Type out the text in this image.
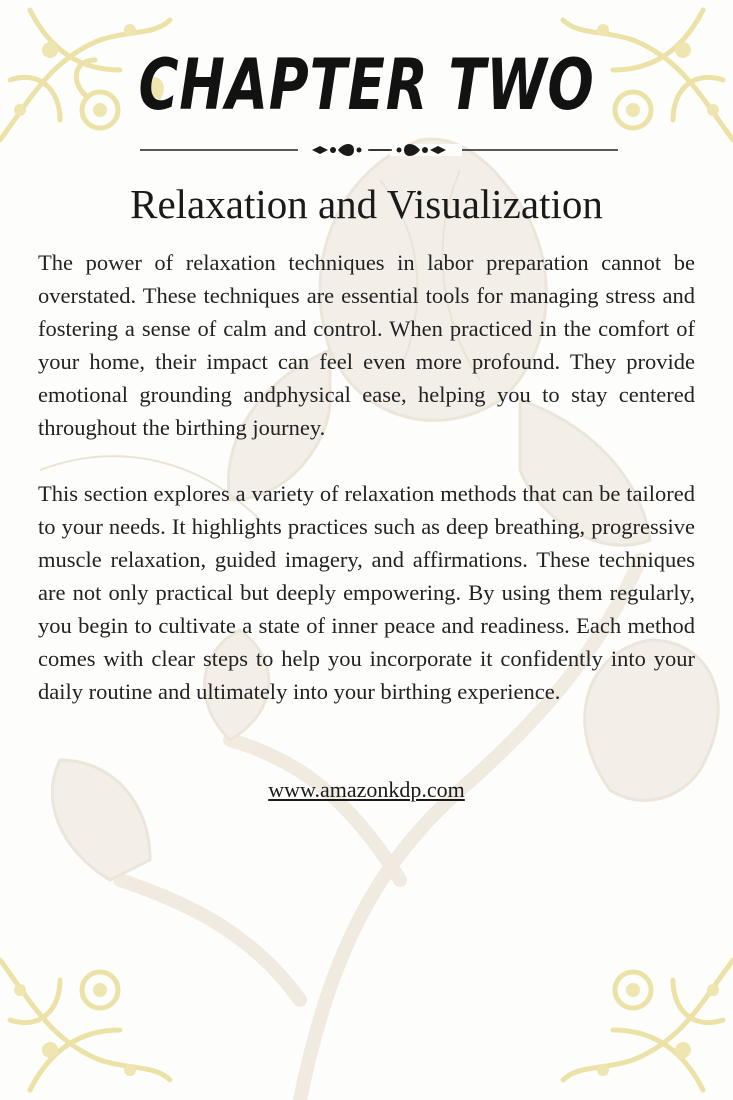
CHAPTER TWO
Relaxation and Visualization

The power of relaxation techniques in labor preparation cannot be overstated. These techniques are essential tools for managing stress and fostering a sense of calm and control. When practiced in the comfort of your home, their impact can feel even more profound. They provide emotional grounding andphysical ease, helping you to stay centered throughout the birthing journey.

This section explores a variety of relaxation methods that can be tailored to your needs. It highlights practices such as deep breathing, progressive muscle relaxation, guided imagery, and affirmations. These techniques are not only practical but deeply empowering. By using them regularly, you begin to cultivate a state of inner peace and readiness. Each method comes with clear steps to help you incorporate it confidently into your daily routine and ultimately into your birthing experience.

www.amazonkdp.com
